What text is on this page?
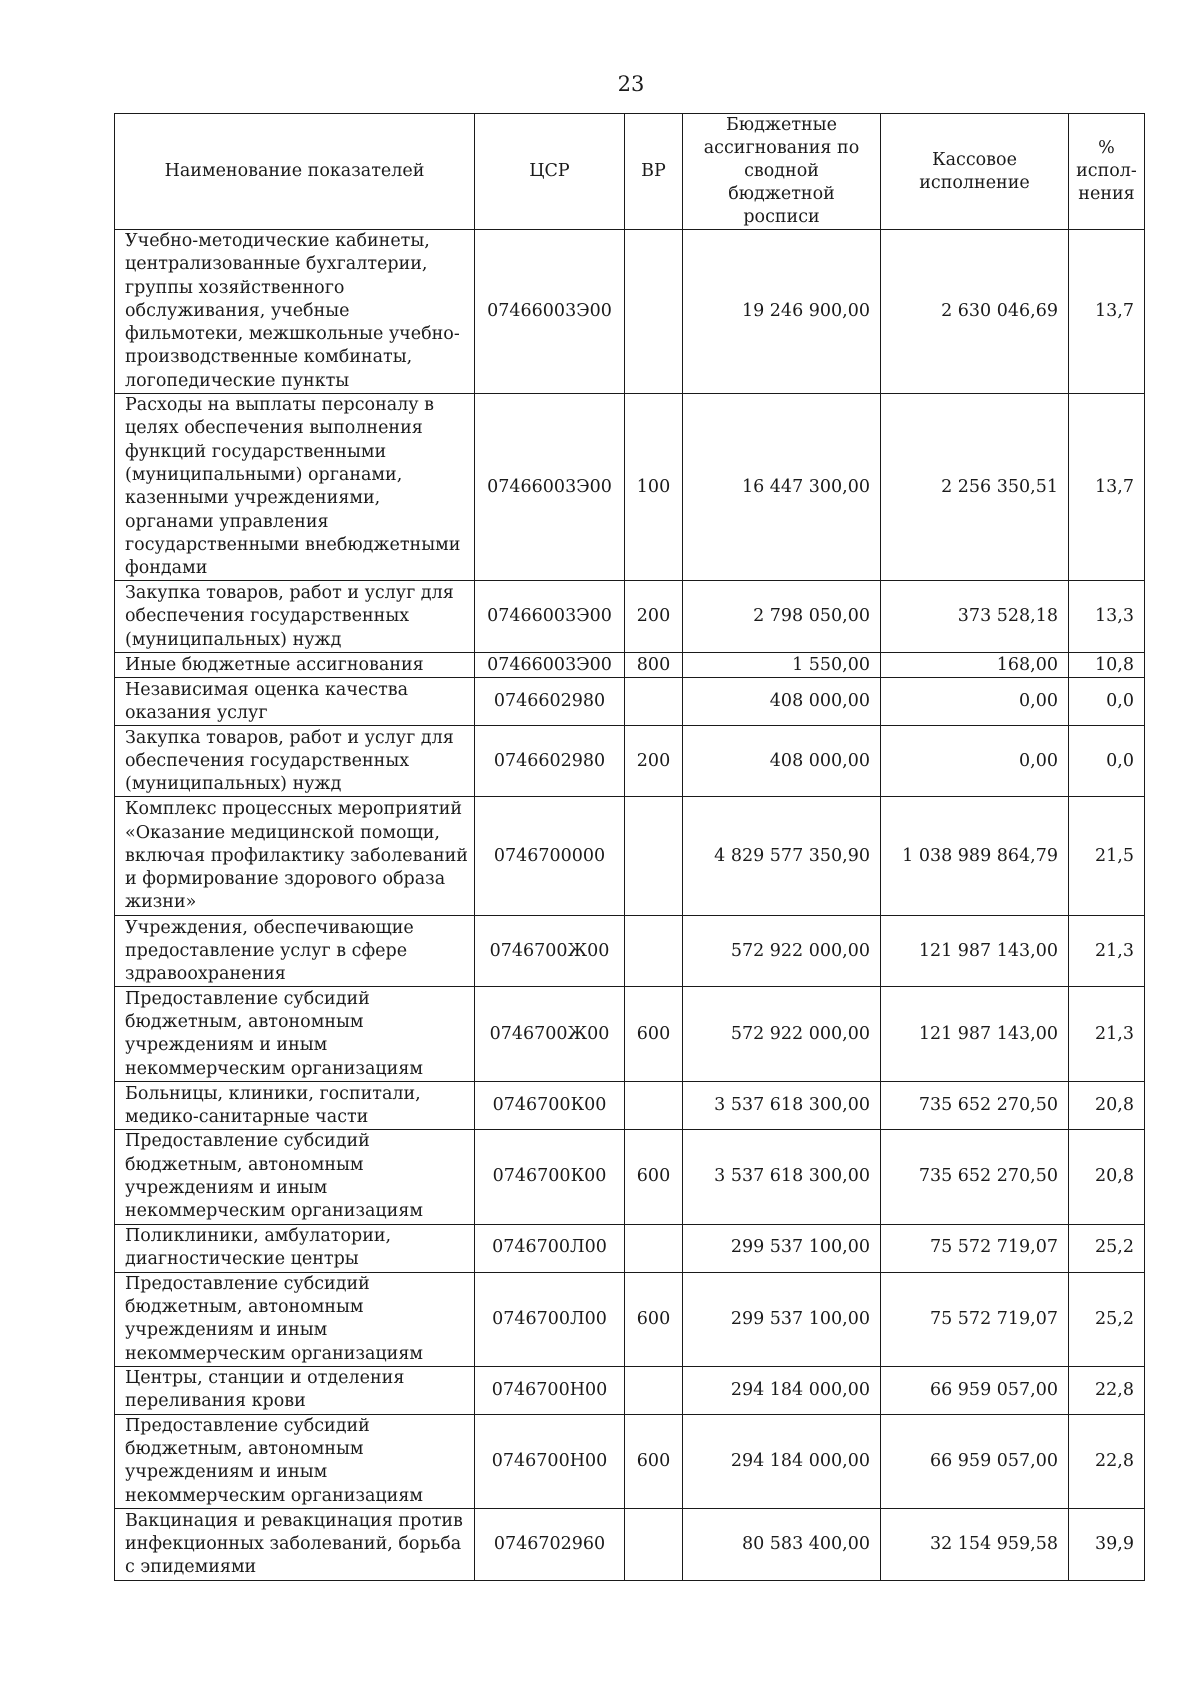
23
Наименование показателей	ЦСР	ВР	Бюджетные ассигнования по сводной бюджетной росписи	Кассовое исполнение	% испол-нения
Учебно-методические кабинеты, централизованные бухгалтерии, группы хозяйственного обслуживания, учебные фильмотеки, межшкольные учебно-производственные комбинаты, логопедические пункты	07466003Э00		19 246 900,00	2 630 046,69	13,7
Расходы на выплаты персоналу в целях обеспечения выполнения функций государственными (муниципальными) органами, казенными учреждениями, органами управления государственными внебюджетными фондами	07466003Э00	100	16 447 300,00	2 256 350,51	13,7
Закупка товаров, работ и услуг для обеспечения государственных (муниципальных) нужд	07466003Э00	200	2 798 050,00	373 528,18	13,3
Иные бюджетные ассигнования	07466003Э00	800	1 550,00	168,00	10,8
Независимая оценка качества оказания услуг	0746602980		408 000,00	0,00	0,0
Закупка товаров, работ и услуг для обеспечения государственных (муниципальных) нужд	0746602980	200	408 000,00	0,00	0,0
Комплекс процессных мероприятий «Оказание медицинской помощи, включая профилактику заболеваний и формирование здорового образа жизни»	0746700000		4 829 577 350,90	1 038 989 864,79	21,5
Учреждения, обеспечивающие предоставление услуг в сфере здравоохранения	0746700Ж00		572 922 000,00	121 987 143,00	21,3
Предоставление субсидий бюджетным, автономным учреждениям и иным некоммерческим организациям	0746700Ж00	600	572 922 000,00	121 987 143,00	21,3
Больницы, клиники, госпитали, медико-санитарные части	0746700К00		3 537 618 300,00	735 652 270,50	20,8
Предоставление субсидий бюджетным, автономным учреждениям и иным некоммерческим организациям	0746700К00	600	3 537 618 300,00	735 652 270,50	20,8
Поликлиники, амбулатории, диагностические центры	0746700Л00		299 537 100,00	75 572 719,07	25,2
Предоставление субсидий бюджетным, автономным учреждениям и иным некоммерческим организациям	0746700Л00	600	299 537 100,00	75 572 719,07	25,2
Центры, станции и отделения переливания крови	0746700Н00		294 184 000,00	66 959 057,00	22,8
Предоставление субсидий бюджетным, автономным учреждениям и иным некоммерческим организациям	0746700Н00	600	294 184 000,00	66 959 057,00	22,8
Вакцинация и ревакцинация против инфекционных заболеваний, борьба с эпидемиями	0746702960		80 583 400,00	32 154 959,58	39,9
